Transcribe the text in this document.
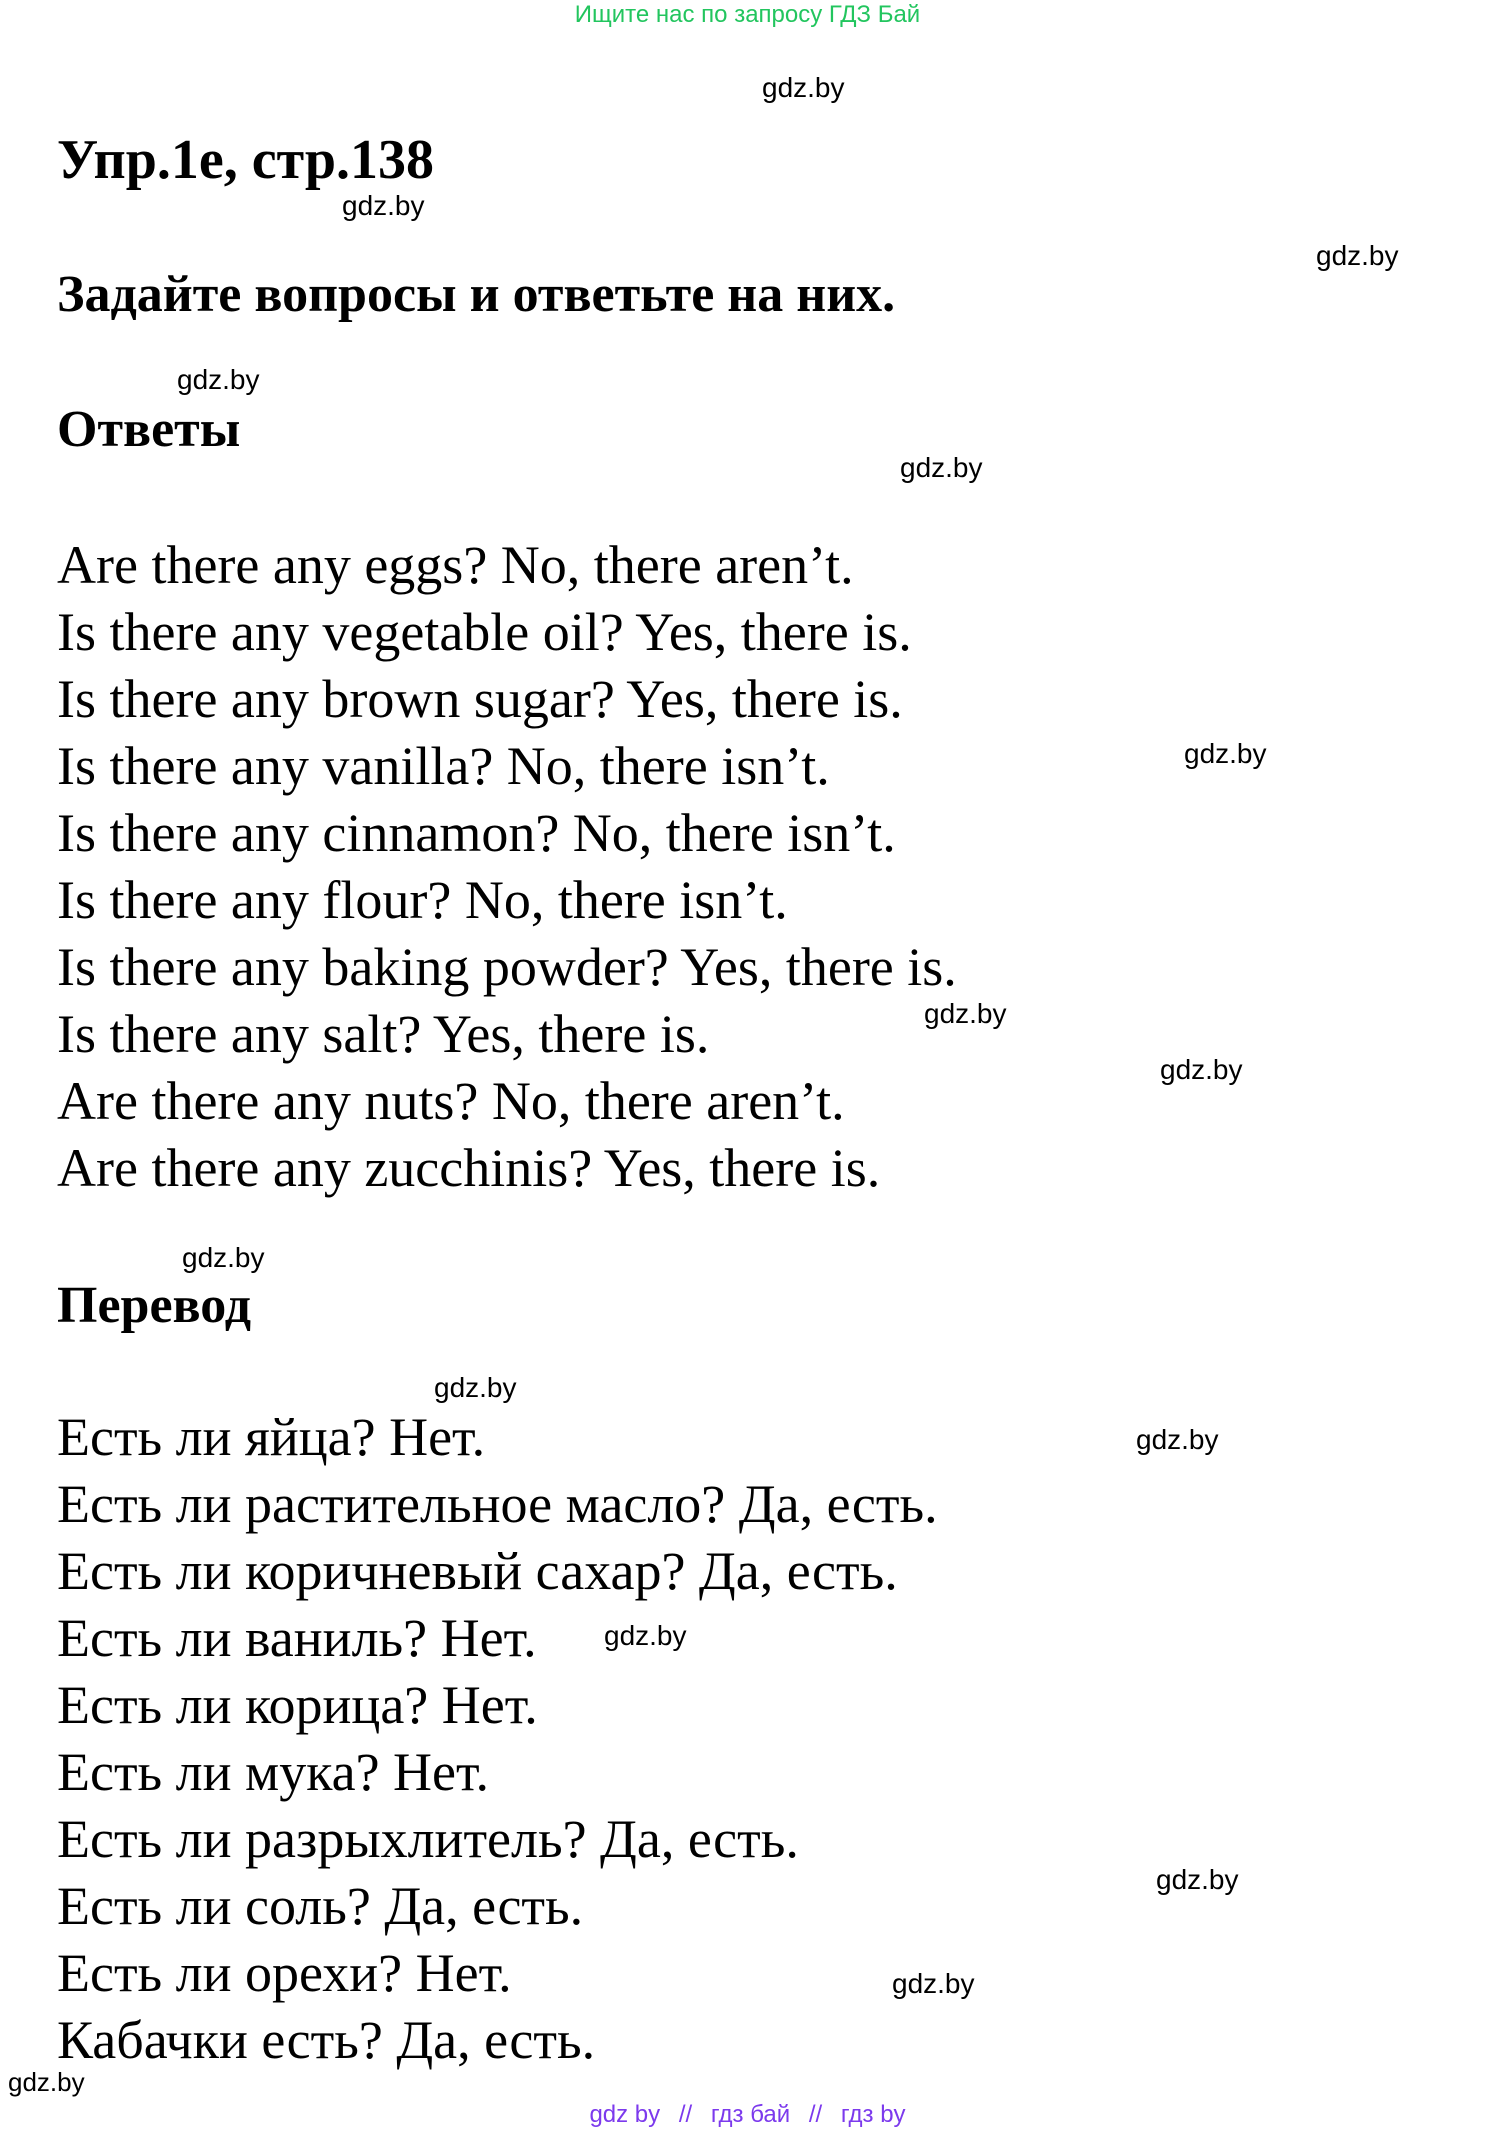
Ищите нас по запросу ГДЗ Бай
gdz.by
gdz.by
gdz.by
gdz.by
gdz.by
gdz.by
gdz.by
gdz.by
gdz.by
gdz.by
gdz.by
gdz.by
gdz.by
gdz.by
gdz.by
Упр.1e, стр.138
Задайте вопросы и ответьте на них.
Ответы
Are there any eggs? No, there aren’t.
Is there any vegetable oil? Yes, there is.
Is there any brown sugar? Yes, there is.
Is there any vanilla? No, there isn’t.
Is there any cinnamon? No, there isn’t.
Is there any flour? No, there isn’t.
Is there any baking powder? Yes, there is.
Is there any salt? Yes, there is.
Are there any nuts? No, there aren’t.
Are there any zucchinis? Yes, there is.
Перевод
Есть ли яйца? Нет.
Есть ли растительное масло? Да, есть.
Есть ли коричневый сахар? Да, есть.
Есть ли ваниль? Нет.
Есть ли корица? Нет.
Есть ли мука? Нет.
Есть ли разрыхлитель? Да, есть.
Есть ли соль? Да, есть.
Есть ли орехи? Нет.
Кабачки есть? Да, есть.
gdz by // гдз бай // гдз by
